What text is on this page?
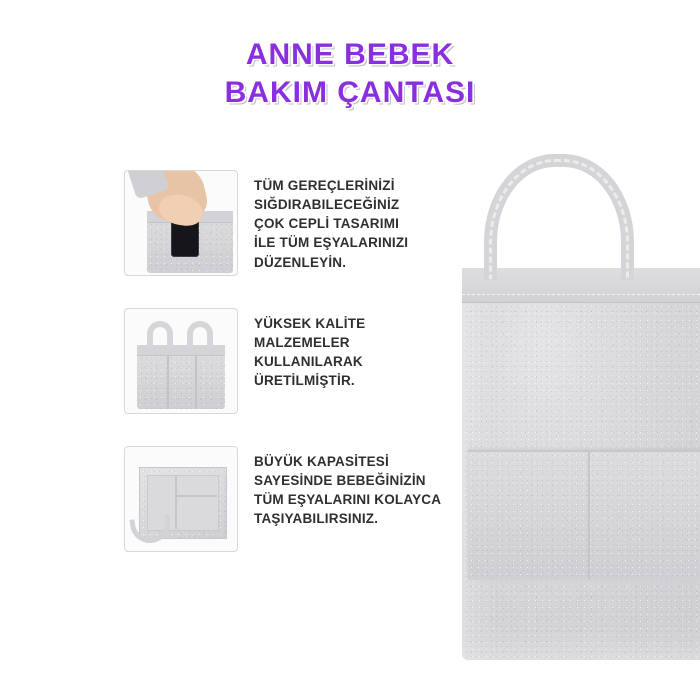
ANNE BEBEK
BAKIM ÇANTASI
TÜM GEREÇLERİNİZİ
SIĞDIRABILECEĞİNİZ
ÇOK CEPLİ TASARIMI
İLE TÜM EŞYALARINIZI
DÜZENLEYİN.
YÜKSEK KALİTE
MALZEMELER
KULLANILARAK
ÜRETİLMİŞTİR.
BÜYÜK KAPASİTESİ
SAYESİNDE BEBEĞİNİZİN
TÜM EŞYALARINI KOLAYCA
TAŞIYABILIRSINIZ.
